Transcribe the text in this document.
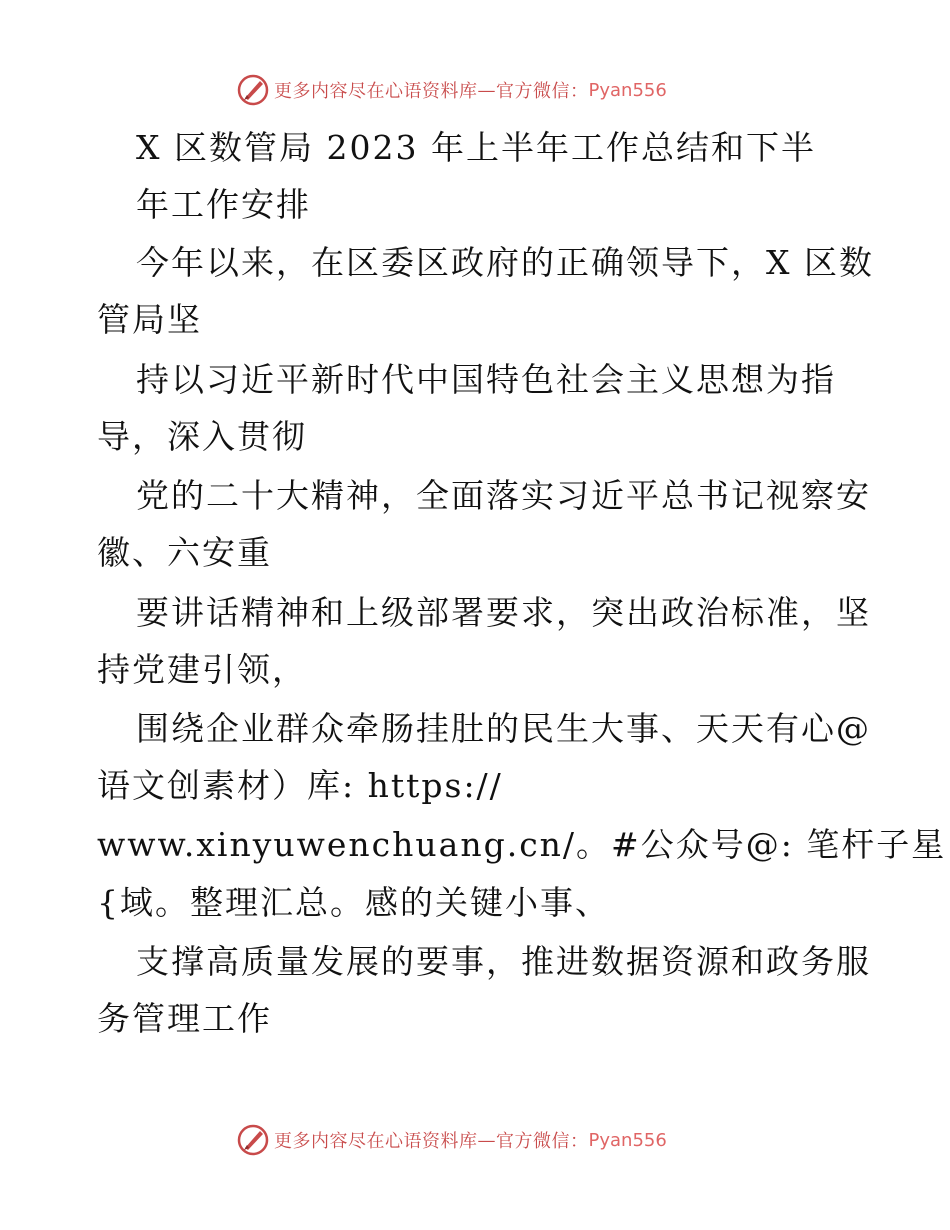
更多内容尽在心语资料库 — 官方微信： Pyan556
X 区数管局 2023 年上半年工作总结和下半
年工作安排
今年以来，在区委区政府的正确领导下，X 区数
管局坚
持以习近平新时代中国特色社会主义思想为指
导，深入贯彻
党的二十大精神，全面落实习近平总书记视察安
徽、六安重
要讲话精神和上级部署要求，突出政治标准，坚
持党建引领，
围绕企业群众牵肠挂肚的民生大事、天天有心@
语文创素材）库: https://
www.xinyuwenchuang.cn/。#公众号@: 笔杆子星
{域。整理汇总。感的关键小事、
支撑高质量发展的要事，推进数据资源和政务服
务管理工作
更多内容尽在心语资料库 — 官方微信： Pyan556
